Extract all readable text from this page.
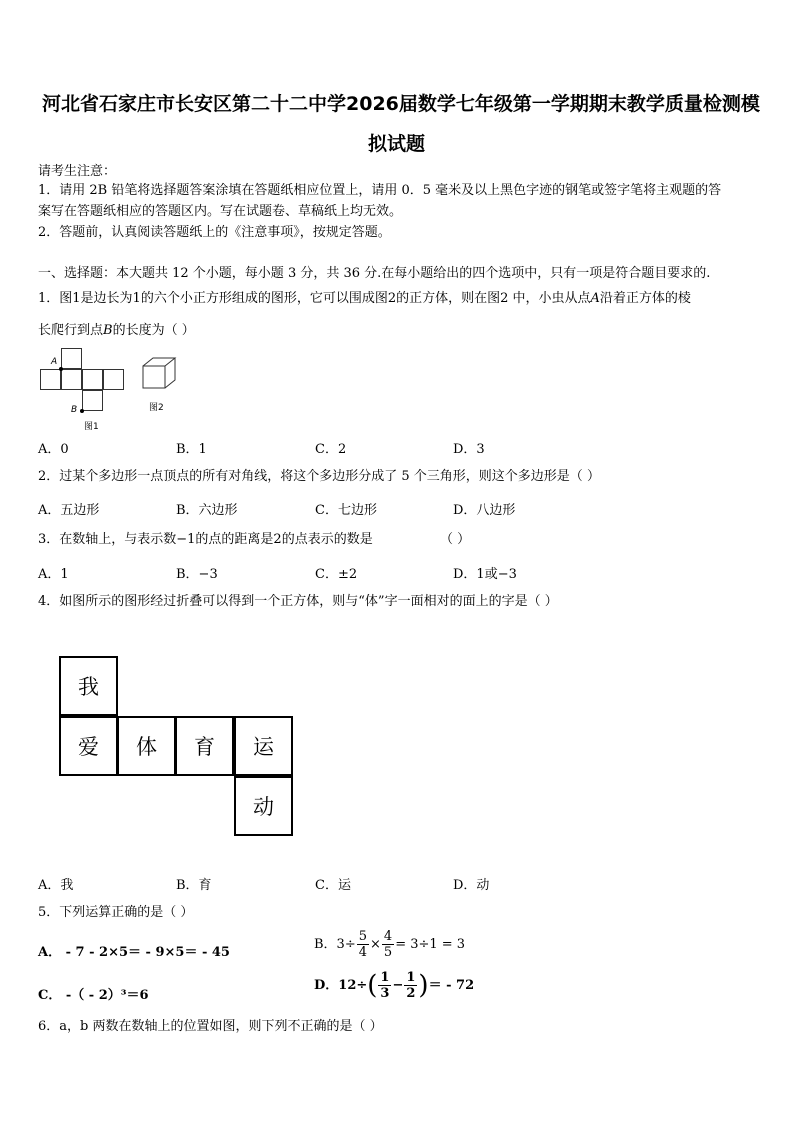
河北省石家庄市长安区第二十二中学2026届数学七年级第一学期期末教学质量检测模
拟试题
请考生注意：
1．请用 2B 铅笔将选择题答案涂填在答题纸相应位置上，请用 0．5 毫米及以上黑色字迹的钢笔或签字笔将主观题的答
案写在答题纸相应的答题区内。写在试题卷、草稿纸上均无效。
2．答题前，认真阅读答题纸上的《注意事项》，按规定答题。
一、选择题：本大题共 12 个小题，每小题 3 分，共 36 分.在每小题给出的四个选项中，只有一项是符合题目要求的.
1．图1是边长为1的六个小正方形组成的图形，它可以围成图2的正方体，则在图2 中，小虫从点A沿着正方体的棱
长爬行到点B的长度为（ ）
A
B
图1
图2
A．0	B．1	C．2	D．3
2．过某个多边形一点顶点的所有对角线，将这个多边形分成了 5 个三角形，则这个多边形是（ ）
A．五边形	B．六边形	C．七边形	D．八边形
3．在数轴上，与表示数−1的点的距离是2的点表示的数是	（ ）
A．1	B．−3	C．±2	D．1或−3
4．如图所示的图形经过折叠可以得到一个正方体，则与“体”字一面相对的面上的字是（ ）
我
爱	体	育	运
动
A．我	B．育	C．运	D．动
5．下列运算正确的是（ ）
A． - 7 - 2×5＝ - 9×5＝ - 45
B．$3\div \frac{5}{4} \times \frac{4}{5} = 3\div 1 = 3$
C． -（ - 2）³＝6
D．$12\div( \frac{1}{3} - \frac{1}{2}$ )＝ - 72
6．a，b 两数在数轴上的位置如图，则下列不正确的是（ ）
